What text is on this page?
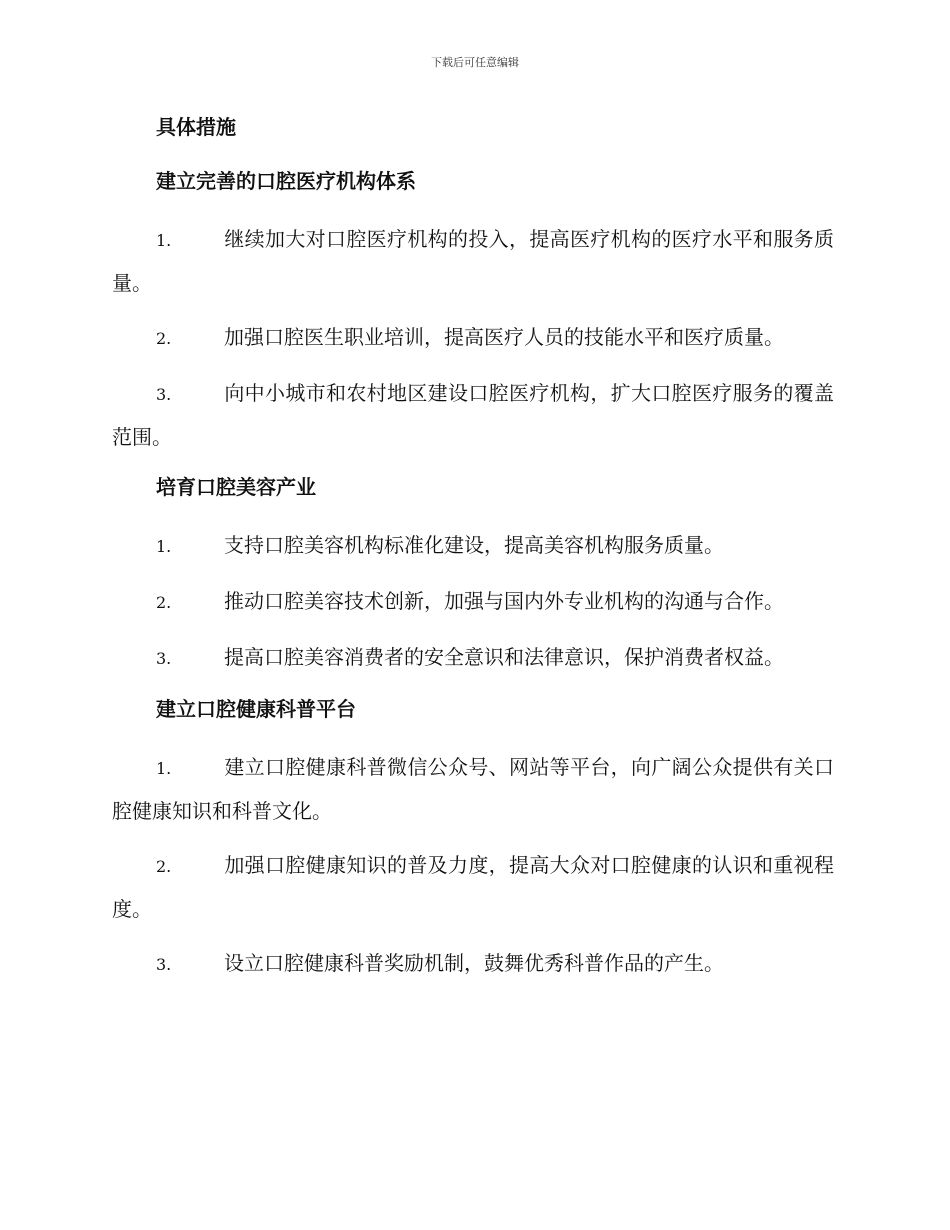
下载后可任意编辑
具体措施
建立完善的口腔医疗机构体系
1.	继续加大对口腔医疗机构的投入，提高医疗机构的医疗水平和服务质量。
2.	加强口腔医生职业培训，提高医疗人员的技能水平和医疗质量。
3.	向中小城市和农村地区建设口腔医疗机构，扩大口腔医疗服务的覆盖范围。
培育口腔美容产业
1.	支持口腔美容机构标准化建设，提高美容机构服务质量。
2.	推动口腔美容技术创新，加强与国内外专业机构的沟通与合作。
3.	提高口腔美容消费者的安全意识和法律意识，保护消费者权益。
建立口腔健康科普平台
1.	建立口腔健康科普微信公众号、网站等平台，向广阔公众提供有关口腔健康知识和科普文化。
2.	加强口腔健康知识的普及力度，提高大众对口腔健康的认识和重视程度。
3.	设立口腔健康科普奖励机制，鼓舞优秀科普作品的产生。
